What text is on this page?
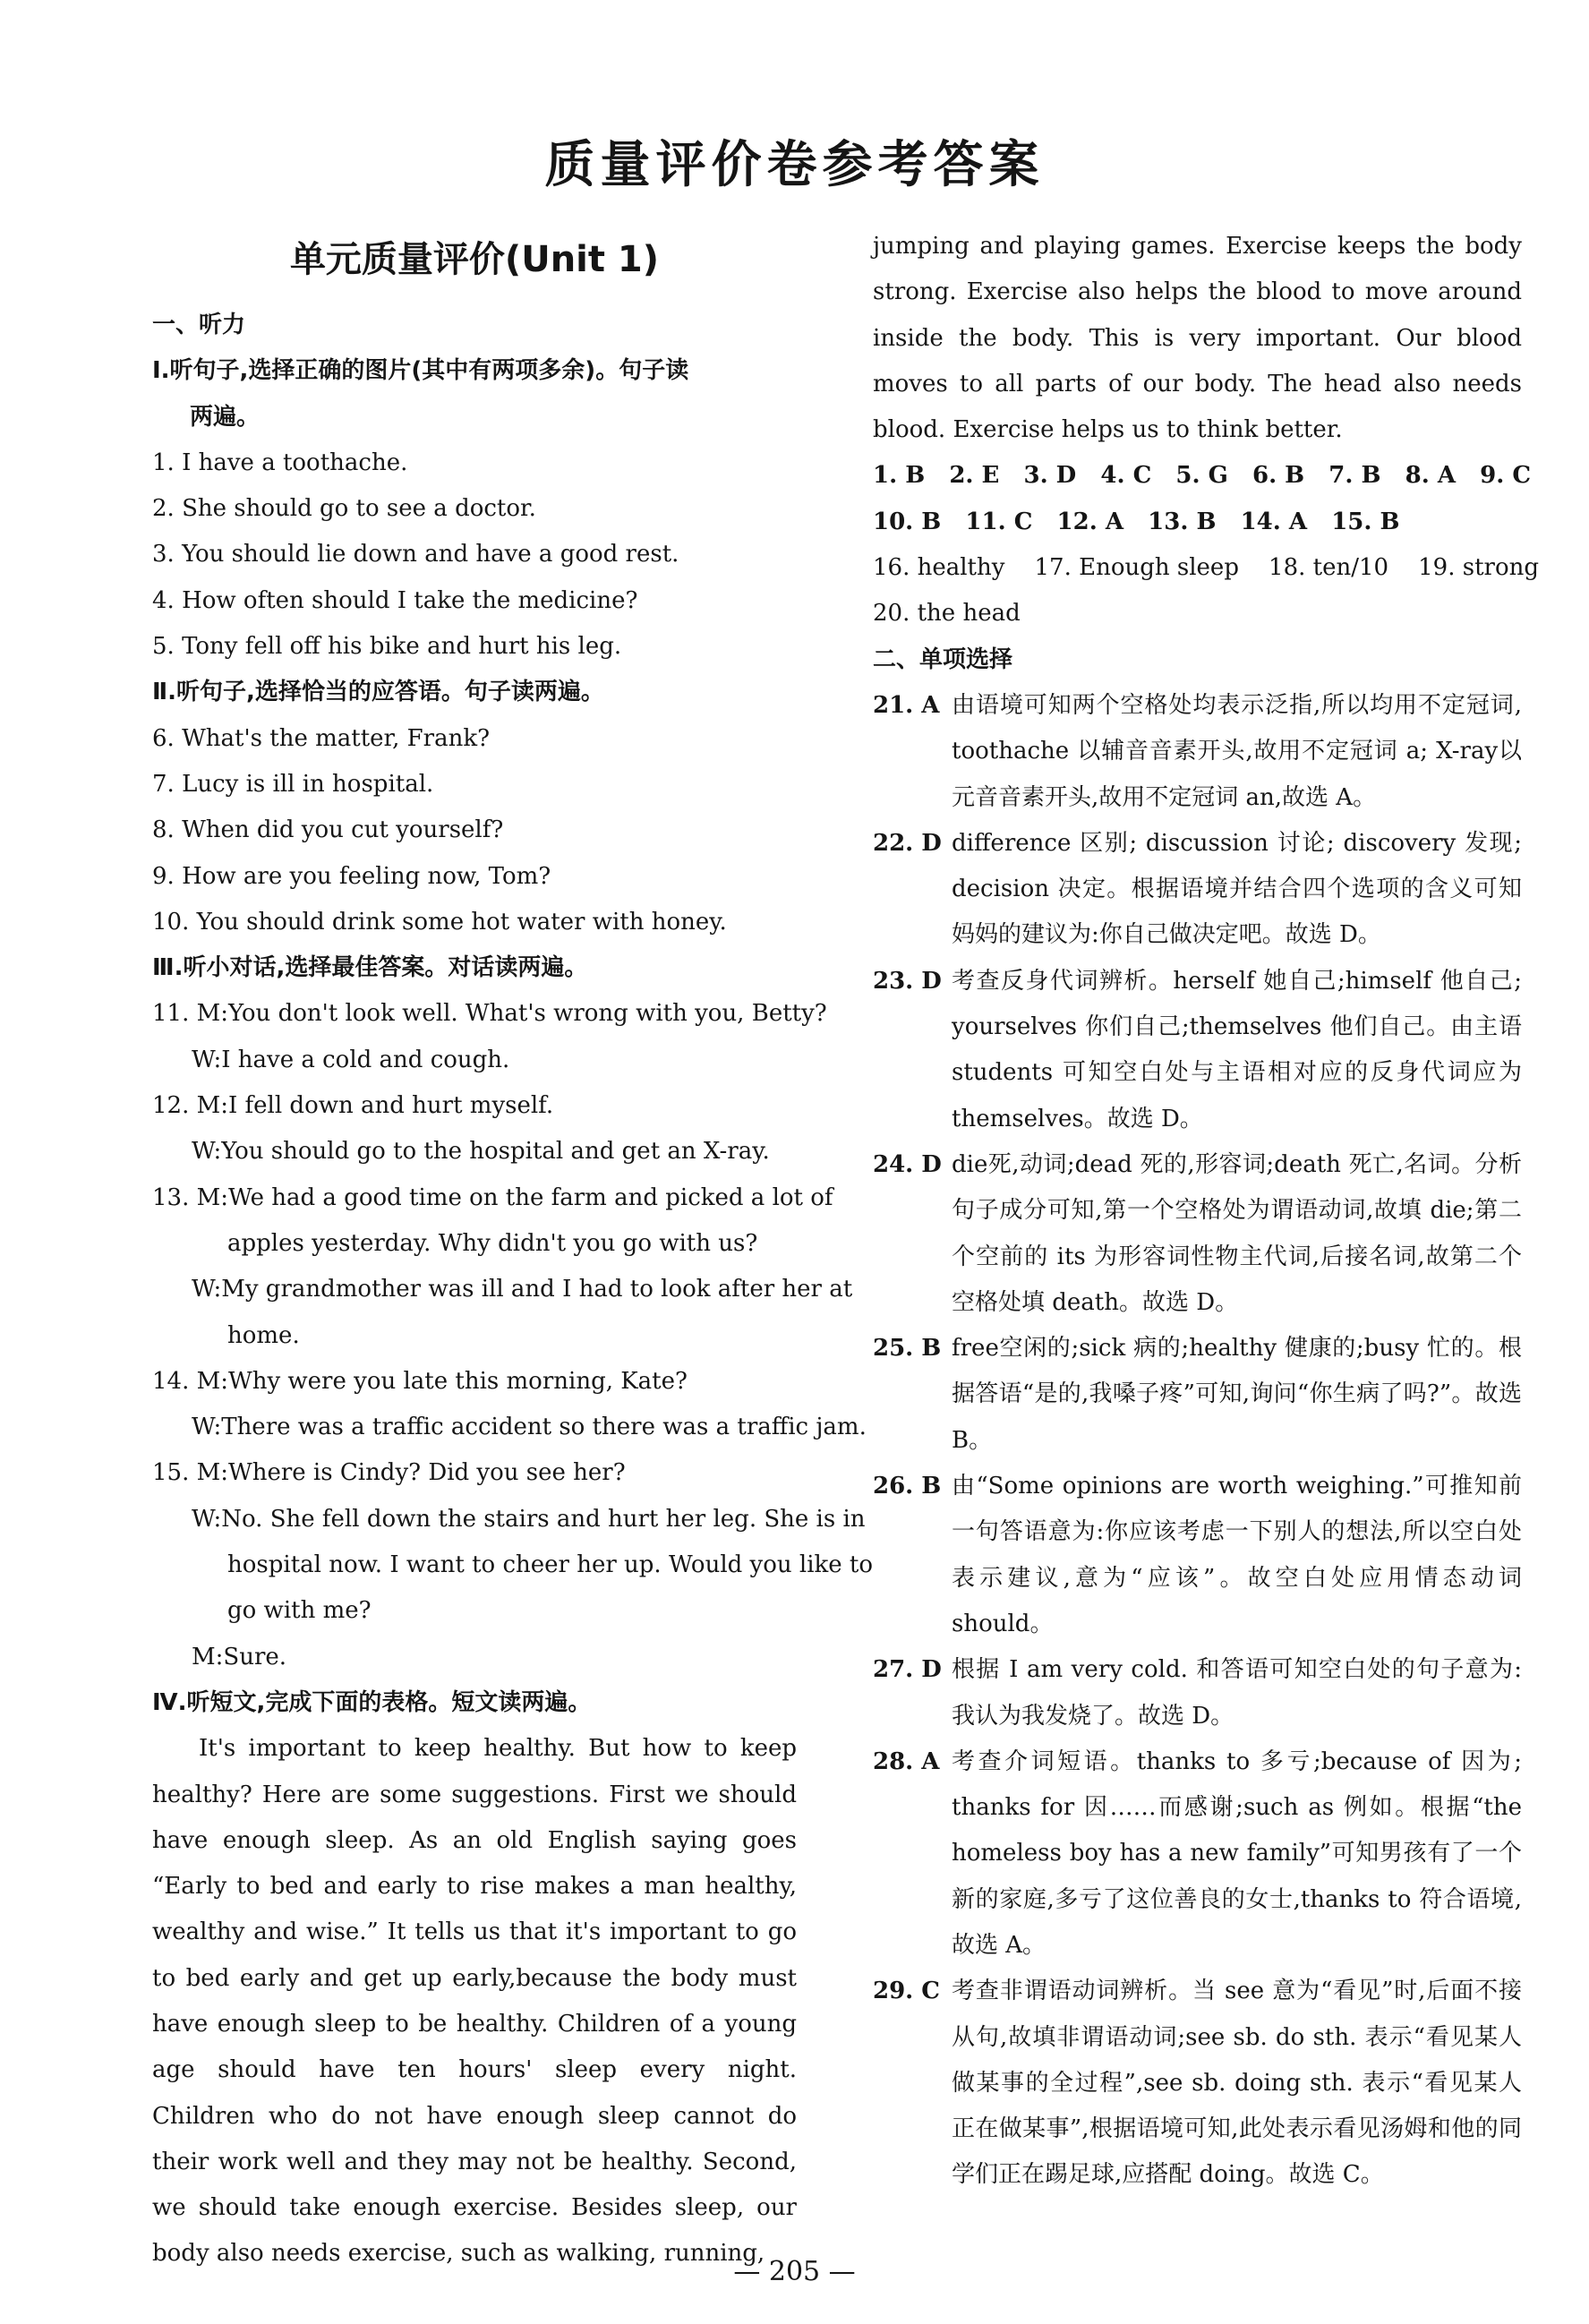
质量评价卷参考答案

单元质量评价(Unit 1)

一、听力

Ⅰ.听句子,选择正确的图片(其中有两项多余)。句子读

两遍。

1. I have a toothache.

2. She should go to see a doctor.

3. You should lie down and have a good rest.

4. How often should I take the medicine?

5. Tony fell off his bike and hurt his leg.

Ⅱ.听句子,选择恰当的应答语。句子读两遍。

6. What's the matter, Frank?

7. Lucy is ill in hospital.

8. When did you cut yourself?

9. How are you feeling now, Tom?

10. You should drink some hot water with honey.

Ⅲ.听小对话,选择最佳答案。对话读两遍。

11. M:You don't look well. What's wrong with you, Betty?

W:I have a cold and cough.

12. M:I fell down and hurt myself.

W:You should go to the hospital and get an X-ray.

13. M:We had a good time on the farm and picked a lot of

apples yesterday. Why didn't you go with us?

W:My grandmother was ill and I had to look after her at

home.

14. M:Why were you late this morning, Kate?

W:There was a traffic accident so there was a traffic jam.

15. M:Where is Cindy? Did you see her?

W:No. She fell down the stairs and hurt her leg. She is in

hospital now. I want to cheer her up. Would you like to

go with me?

M:Sure.

Ⅳ.听短文,完成下面的表格。短文读两遍。

It's important to keep healthy. But how to keep healthy? Here are some suggestions. First we should have enough sleep. As an old English saying goes “Early to bed and early to rise makes a man healthy, wealthy and wise.” It tells us that it's important to go to bed early and get up early,because the body must have enough sleep to be healthy. Children of a young age should have ten hours' sleep every night. Children who do not have enough sleep cannot do their work well and they may not be healthy. Second, we should take enough exercise. Besides sleep, our body also needs exercise, such as walking, running,

jumping and playing games. Exercise keeps the body strong. Exercise also helps the blood to move around inside the body. This is very important. Our blood moves to all parts of our body. The head also needs blood. Exercise helps us to think better.

1. B   2. E   3. D   4. C   5. G   6. B   7. B   8. A   9. C

10. B   11. C   12. A   13. B   14. A   15. B

16. healthy    17. Enough sleep    18. ten/10    19. strong

20. the head

二、单项选择

21. A 由语境可知两个空格处均表示泛指,所以均用不定冠词, toothache 以辅音音素开头,故用不定冠词 a; X-ray以元音音素开头,故用不定冠词 an,故选 A。
22. D difference 区别; discussion 讨论; discovery 发现; decision 决定。根据语境并结合四个选项的含义可知妈妈的建议为:你自己做决定吧。故选 D。
23. D 考查反身代词辨析。herself 她自己;himself 他自己; yourselves 你们自己;themselves 他们自己。由主语 students 可知空白处与主语相对应的反身代词应为 themselves。故选 D。
24. D die死,动词;dead 死的,形容词;death 死亡,名词。分析句子成分可知,第一个空格处为谓语动词,故填 die;第二个空前的 its 为形容词性物主代词,后接名词,故第二个空格处填 death。故选 D。
25. B free空闲的;sick 病的;healthy 健康的;busy 忙的。根据答语“是的,我嗓子疼”可知,询问“你生病了吗?”。故选 B。
26. B 由“Some opinions are worth weighing.”可推知前一句答语意为:你应该考虑一下别人的想法,所以空白处表示建议,意为“应该”。故空白处应用情态动词 should。
27. D 根据 I am very cold. 和答语可知空白处的句子意为:我认为我发烧了。故选 D。
28. A 考查介词短语。thanks to 多亏;because of 因为; thanks for 因……而感谢;such as 例如。根据“the homeless boy has a new family”可知男孩有了一个新的家庭,多亏了这位善良的女士,thanks to 符合语境,故选 A。
29. C 考查非谓语动词辨析。当 see 意为“看见”时,后面不接从句,故填非谓语动词;see sb. do sth. 表示“看见某人做某事的全过程”,see sb. doing sth. 表示“看见某人正在做某事”,根据语境可知,此处表示看见汤姆和他的同学们正在踢足球,应搭配 doing。故选 C。
— 205 —
